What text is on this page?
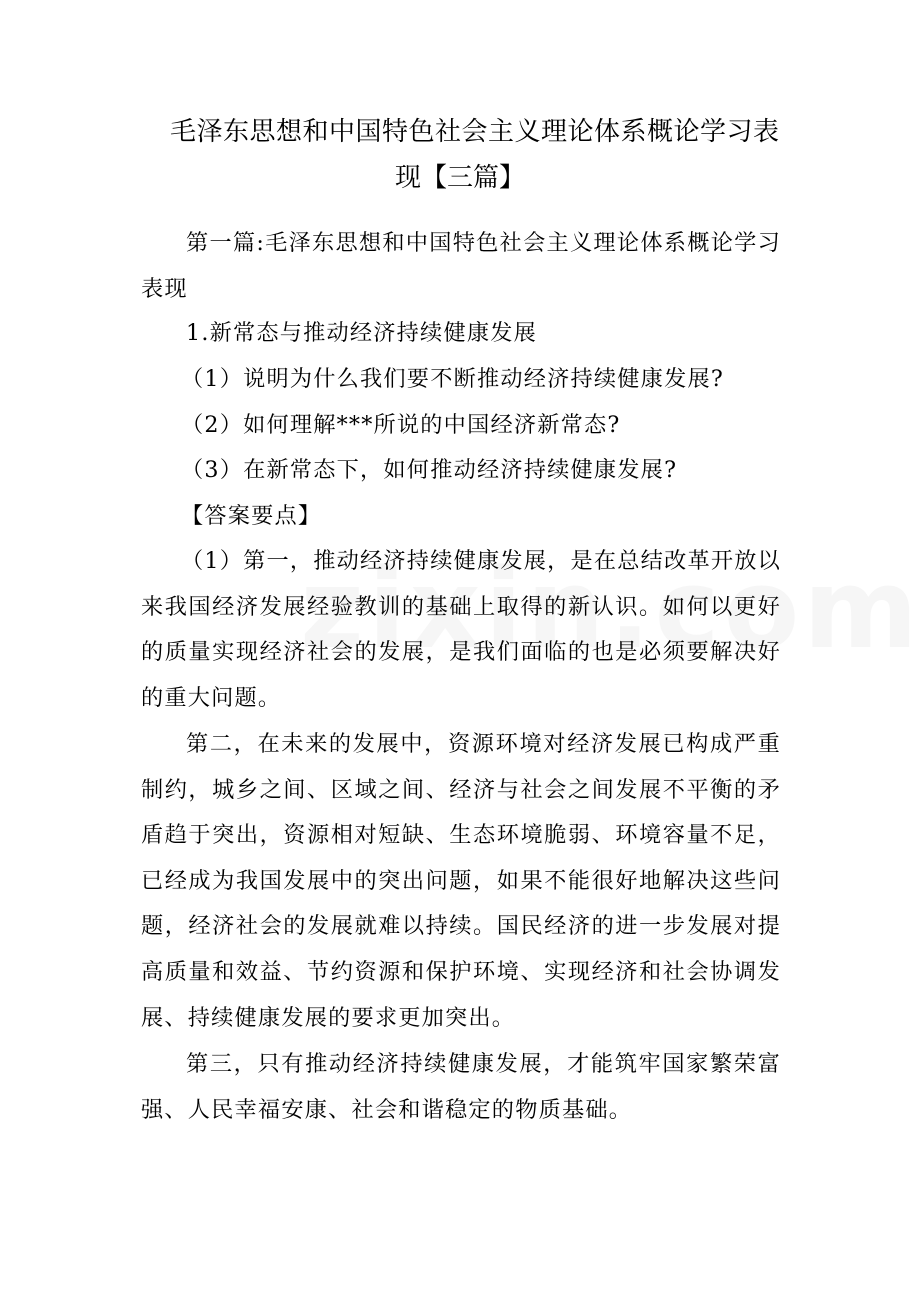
毛泽东思想和中国特色社会主义理论体系概论学习表
现【三篇】

第一篇:毛泽东思想和中国特色社会主义理论体系概论学习表现

1.新常态与推动经济持续健康发展

（1）说明为什么我们要不断推动经济持续健康发展?

（2）如何理解***所说的中国经济新常态?

（3）在新常态下，如何推动经济持续健康发展?

【答案要点】

（1）第一，推动经济持续健康发展，是在总结改革开放以来我国经济发展经验教训的基础上取得的新认识。如何以更好的质量实现经济社会的发展，是我们面临的也是必须要解决好的重大问题。

第二，在未来的发展中，资源环境对经济发展已构成严重制约，城乡之间、区域之间、经济与社会之间发展不平衡的矛盾趋于突出，资源相对短缺、生态环境脆弱、环境容量不足，已经成为我国发展中的突出问题，如果不能很好地解决这些问题，经济社会的发展就难以持续。国民经济的进一步发展对提高质量和效益、节约资源和保护环境、实现经济和社会协调发展、持续健康发展的要求更加突出。

第三，只有推动经济持续健康发展，才能筑牢国家繁荣富强、人民幸福安康、社会和谐稳定的物质基础。
